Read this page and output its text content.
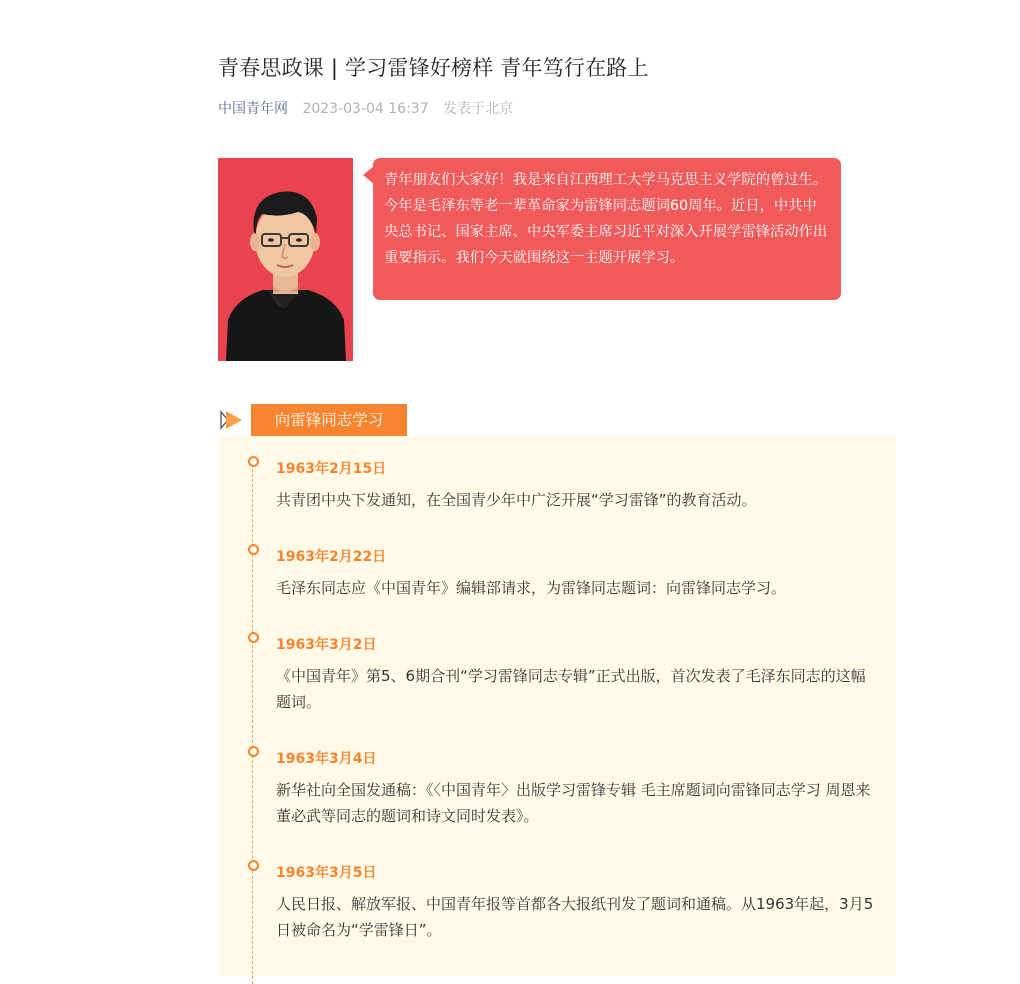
青春思政课 | 学习雷锋好榜样 青年笃行在路上
中国青年网 2023-03-04 16:37 发表于北京
青年朋友们大家好！我是来自江西理工大学马克思主义学院的曾过生。今年是毛泽东等老一辈革命家为雷锋同志题词60周年。近日，中共中央总书记、国家主席、中央军委主席习近平对深入开展学雷锋活动作出重要指示。我们今天就围绕这一主题开展学习。
向雷锋同志学习
1963年2月15日
共青团中央下发通知，在全国青少年中广泛开展“学习雷锋”的教育活动。
1963年2月22日
毛泽东同志应《中国青年》编辑部请求，为雷锋同志题词：向雷锋同志学习。
1963年3月2日
《中国青年》第5、6期合刊“学习雷锋同志专辑”正式出版，首次发表了毛泽东同志的这幅题词。
1963年3月4日
新华社向全国发通稿：《〈中国青年〉出版学习雷锋专辑 毛主席题词向雷锋同志学习 周恩来董必武等同志的题词和诗文同时发表》。
1963年3月5日
人民日报、解放军报、中国青年报等首都各大报纸刊发了题词和通稿。从1963年起，3月5日被命名为“学雷锋日”。
